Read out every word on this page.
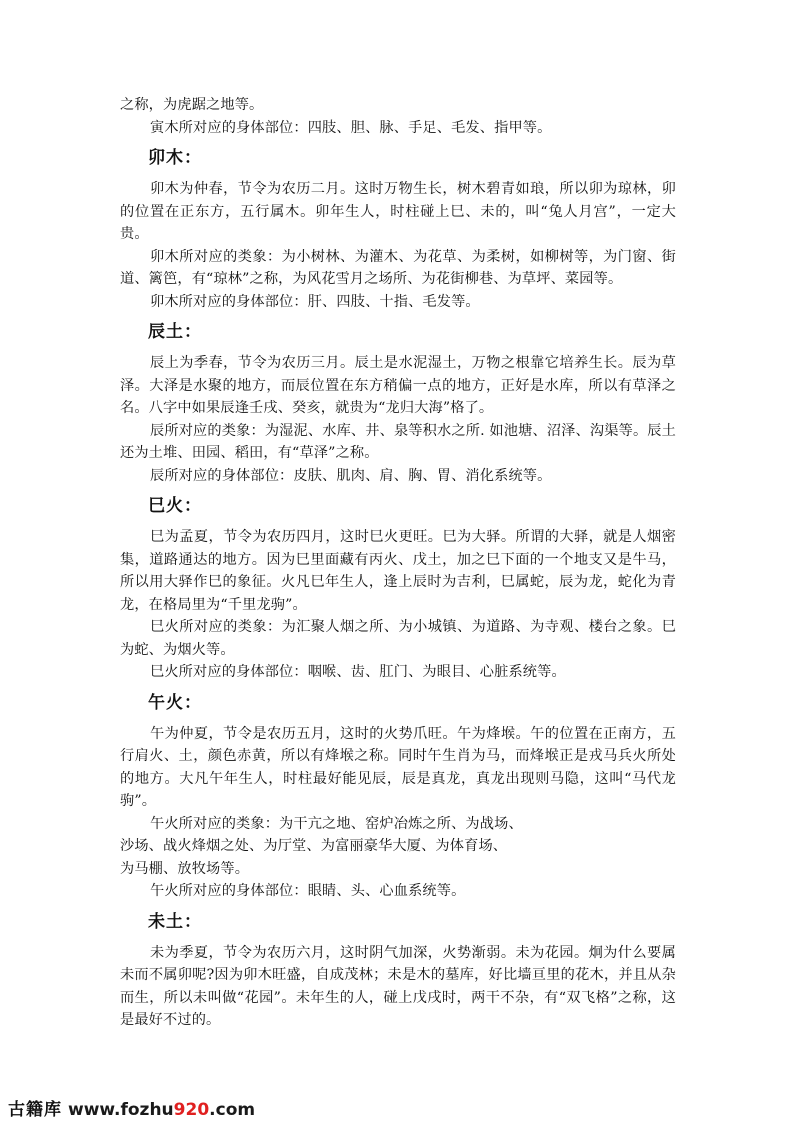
之称，为虎踞之地等。

寅木所对应的身体部位：四肢、胆、脉、手足、毛发、指甲等。

卯木：

卯木为仲春，节令为农历二月。这时万物生长，树木碧青如琅，所以卯为琼林，卯的位置在正东方，五行属木。卯年生人，时柱碰上巳、未的，叫“兔人月宫”，一定大贵。

卯木所对应的类象：为小树林、为灌木、为花草、为柔树，如柳树等，为门窗、街道、篱笆，有“琼林”之称，为风花雪月之场所、为花街柳巷、为草坪、菜园等。

卯木所对应的身体部位：肝、四肢、十指、毛发等。

辰土：

辰上为季春，节令为农历三月。辰土是水泥湿土，万物之根靠它培养生长。辰为草泽。大泽是水聚的地方，而辰位置在东方稍偏一点的地方，正好是水库，所以有草泽之名。八字中如果辰逢壬戌、癸亥，就贵为“龙归大海”格了。

辰所对应的类象：为湿泥、水库、井、泉等积水之所. 如池塘、沼泽、沟渠等。辰土还为土堆、田园、稻田，有“草泽”之称。

辰所对应的身体部位：皮肤、肌肉、肩、胸、胃、消化系统等。

巳火：

巳为孟夏，节令为农历四月，这时巳火更旺。巳为大驿。所谓的大驿，就是人烟密集，道路通达的地方。因为巳里面藏有丙火、戊土，加之巳下面的一个地支又是牛马，所以用大驿作巳的象征。火凡巳年生人，逢上辰时为吉利，巳属蛇，辰为龙，蛇化为青龙，在格局里为“千里龙驹”。

巳火所对应的类象：为汇聚人烟之所、为小城镇、为道路、为寺观、楼台之象。巳为蛇、为烟火等。

巳火所对应的身体部位：咽喉、齿、肛门、为眼目、心脏系统等。

午火：

午为仲夏，节令是农历五月，这时的火势爪旺。午为烽堠。午的位置在正南方，五行肩火、土，颜色赤黄，所以有烽堠之称。同时午生肖为马，而烽堠正是戎马兵火所处的地方。大凡午年生人，时柱最好能见辰，辰是真龙，真龙出现则马隐，这叫“马代龙驹”。

午火所对应的类象：为干亢之地、窑炉冶炼之所、为战场、

沙场、战火烽烟之处、为厅堂、为富丽豪华大厦、为体育场、

为马棚、放牧场等。

午火所对应的身体部位：眼睛、头、心血系统等。

未土：

未为季夏，节令为农历六月，这时阴气加深，火势渐弱。未为花园。炯为什么要属未而不属卯呢?因为卯木旺盛，自成茂林；未是木的墓库，好比墙亘里的花木，并且从杂而生，所以未叫做“花园”。未年生的人，碰上戊戌时，两干不杂，有“双飞格”之称，这是最好不过的。

古籍库 www.fozhu920.com
